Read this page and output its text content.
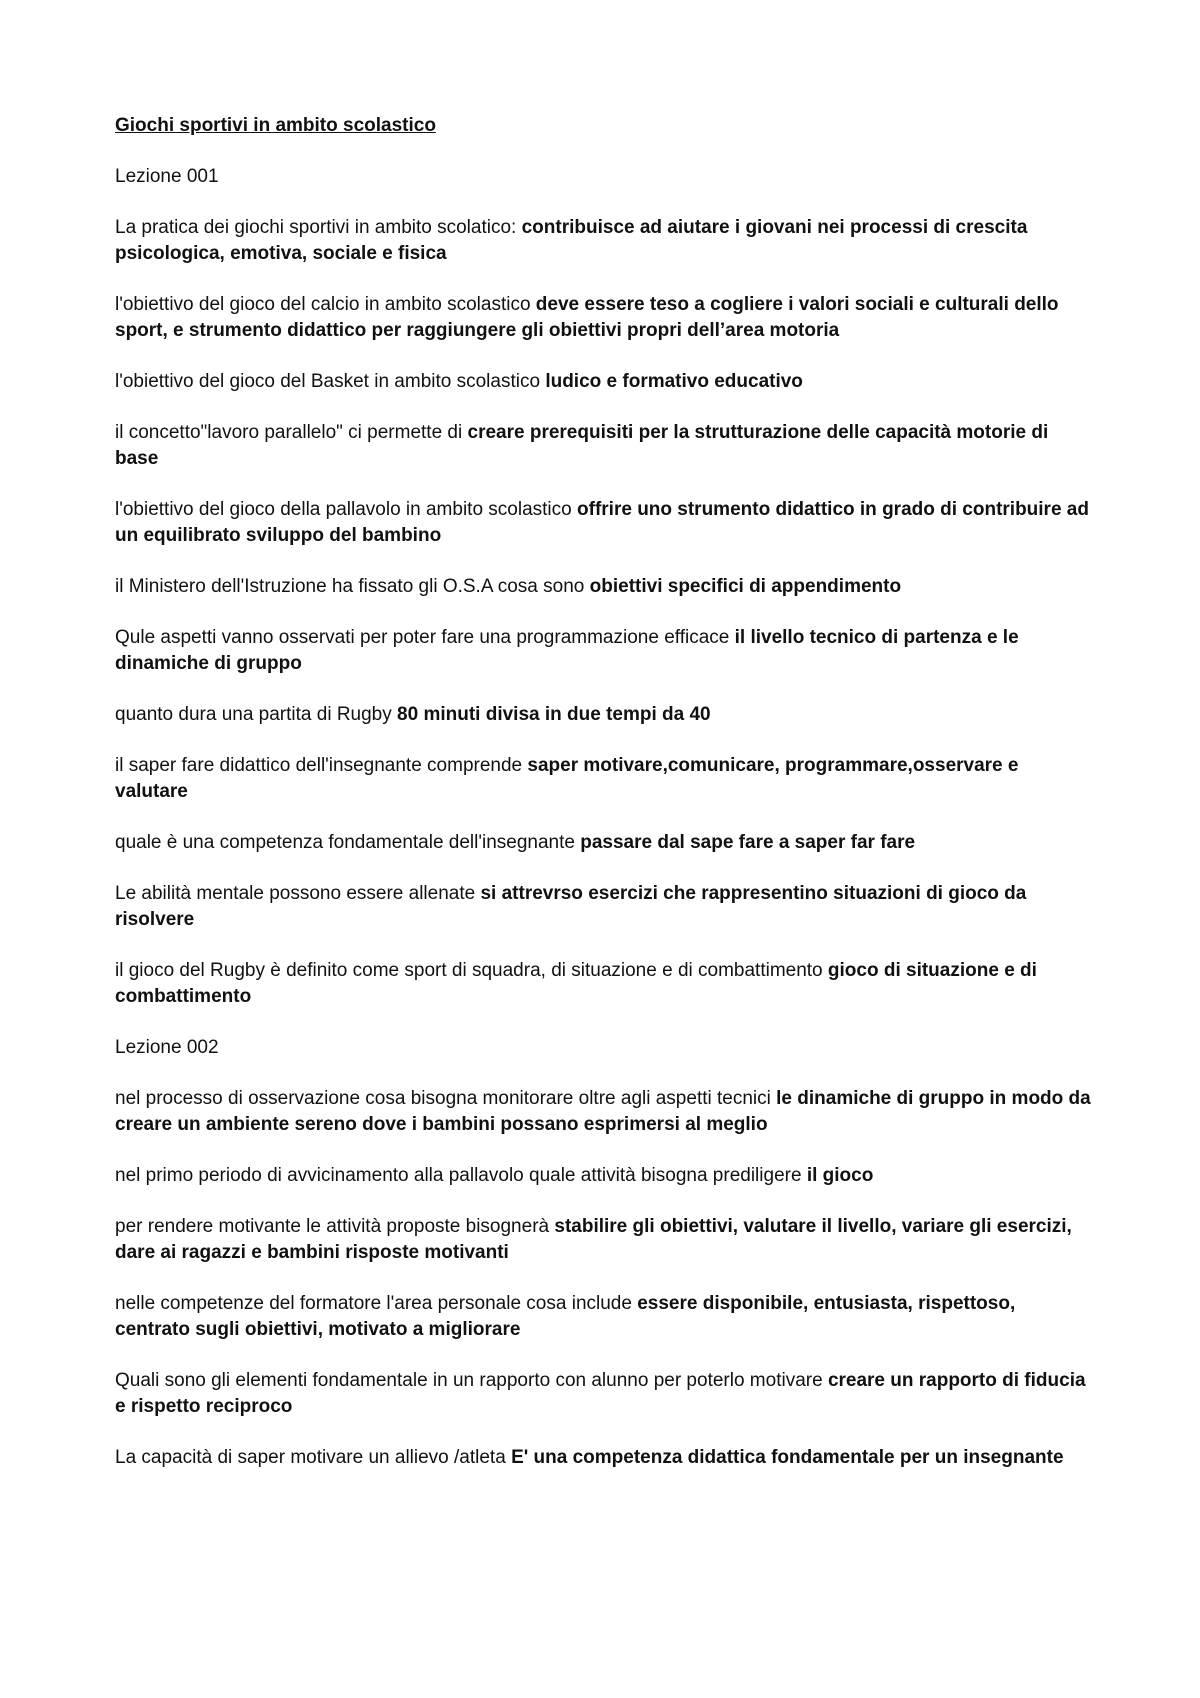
Giochi sportivi in ambito scolastico
Lezione 001

La pratica dei giochi sportivi in ambito scolatico: contribuisce ad aiutare i giovani nei processi di crescita psicologica, emotiva, sociale e fisica

l'obiettivo del gioco del calcio in ambito scolastico deve essere teso a cogliere i valori sociali e culturali dello sport, e strumento didattico per raggiungere gli obiettivi propri dell’area motoria

l'obiettivo del gioco del Basket in ambito scolastico ludico e formativo educativo

il concetto"lavoro parallelo" ci permette di creare prerequisiti per la strutturazione delle capacità motorie di base

l'obiettivo del gioco della pallavolo in ambito scolastico offrire uno strumento didattico in grado di contribuire ad un equilibrato sviluppo del bambino

il Ministero dell'Istruzione ha fissato gli O.S.A cosa sono obiettivi specifici di appendimento

Qule aspetti vanno osservati per poter fare una programmazione efficace il livello tecnico di partenza e le dinamiche di gruppo

quanto dura una partita di Rugby 80 minuti divisa in due tempi da 40

il saper fare didattico dell'insegnante comprende saper motivare,comunicare, programmare,osservare e valutare

quale è una competenza fondamentale dell'insegnante passare dal sape fare a saper far fare

Le abilità mentale possono essere allenate si attrevrso esercizi che rappresentino situazioni di gioco da risolvere

il gioco del Rugby è definito come sport di squadra, di situazione e di combattimento gioco di situazione e di combattimento

Lezione 002

nel processo di osservazione cosa bisogna monitorare oltre agli aspetti tecnici le dinamiche di gruppo in modo da creare un ambiente sereno dove i bambini possano esprimersi al meglio

nel primo periodo di avvicinamento alla pallavolo quale attività bisogna prediligere il gioco

per rendere motivante le attività proposte bisognerà stabilire gli obiettivi, valutare il livello, variare gli esercizi, dare ai ragazzi e bambini risposte motivanti

nelle competenze del formatore l'area personale cosa include essere disponibile, entusiasta, rispettoso, centrato sugli obiettivi, motivato a migliorare

Quali sono gli elementi fondamentale in un rapporto con alunno per poterlo motivare creare un rapporto di fiducia e rispetto reciproco

La capacità di saper motivare un allievo /atleta E' una competenza didattica fondamentale per un insegnante
